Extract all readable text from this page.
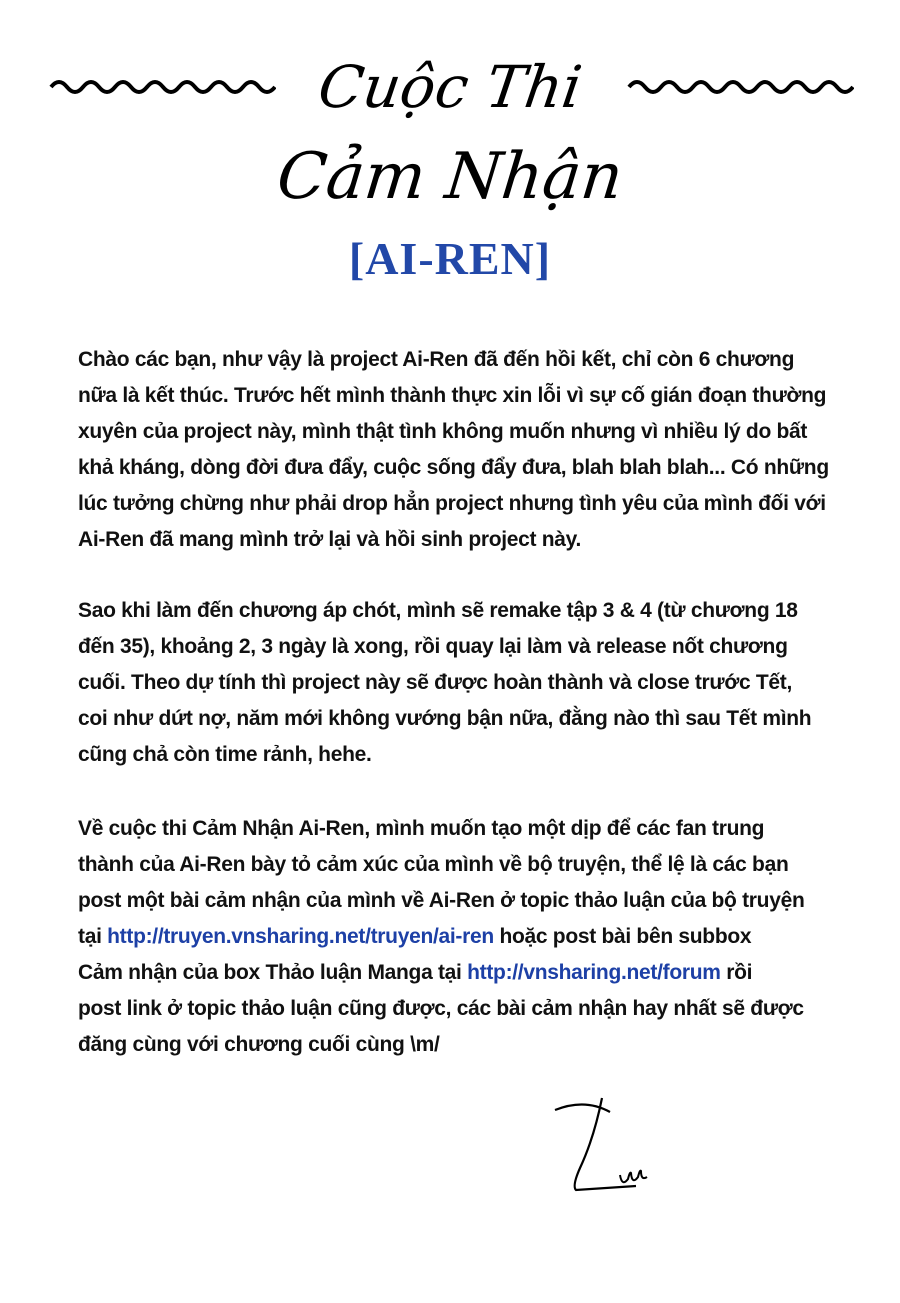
Cuộc Thi
Cảm Nhận
[AI-REN]
Chào các bạn, như vậy là project Ai-Ren đã đến hồi kết, chỉ còn 6 chương
nữa là kết thúc. Trước hết mình thành thực xin lỗi vì sự cố gián đoạn thường
xuyên của project này, mình thật tình không muốn nhưng vì nhiều lý do bất
khả kháng, dòng đời đưa đẩy, cuộc sống đẩy đưa, blah blah blah... Có những
lúc tưởng chừng như phải drop hẳn project nhưng tình yêu của mình đối với
Ai-Ren đã mang mình trở lại và hồi sinh project này.
Sao khi làm đến chương áp chót, mình sẽ remake tập 3 & 4 (từ chương 18
đến 35), khoảng 2, 3 ngày là xong, rồi quay lại làm và release nốt chương
cuối. Theo dự tính thì project này sẽ được hoàn thành và close trước Tết,
coi như dứt nợ, năm mới không vướng bận nữa, đằng nào thì sau Tết mình
cũng chả còn time rảnh, hehe.
Về cuộc thi Cảm Nhận Ai-Ren, mình muốn tạo một dịp để các fan trung
thành của Ai-Ren bày tỏ cảm xúc của mình về bộ truyện, thể lệ là các bạn
post một bài cảm nhận của mình về Ai-Ren ở topic thảo luận của bộ truyện
tại http://truyen.vnsharing.net/truyen/ai-ren hoặc post bài bên subbox
Cảm nhận của box Thảo luận Manga tại http://vnsharing.net/forum rồi
post link ở topic thảo luận cũng được, các bài cảm nhận hay nhất sẽ được
đăng cùng với chương cuối cùng \m/
